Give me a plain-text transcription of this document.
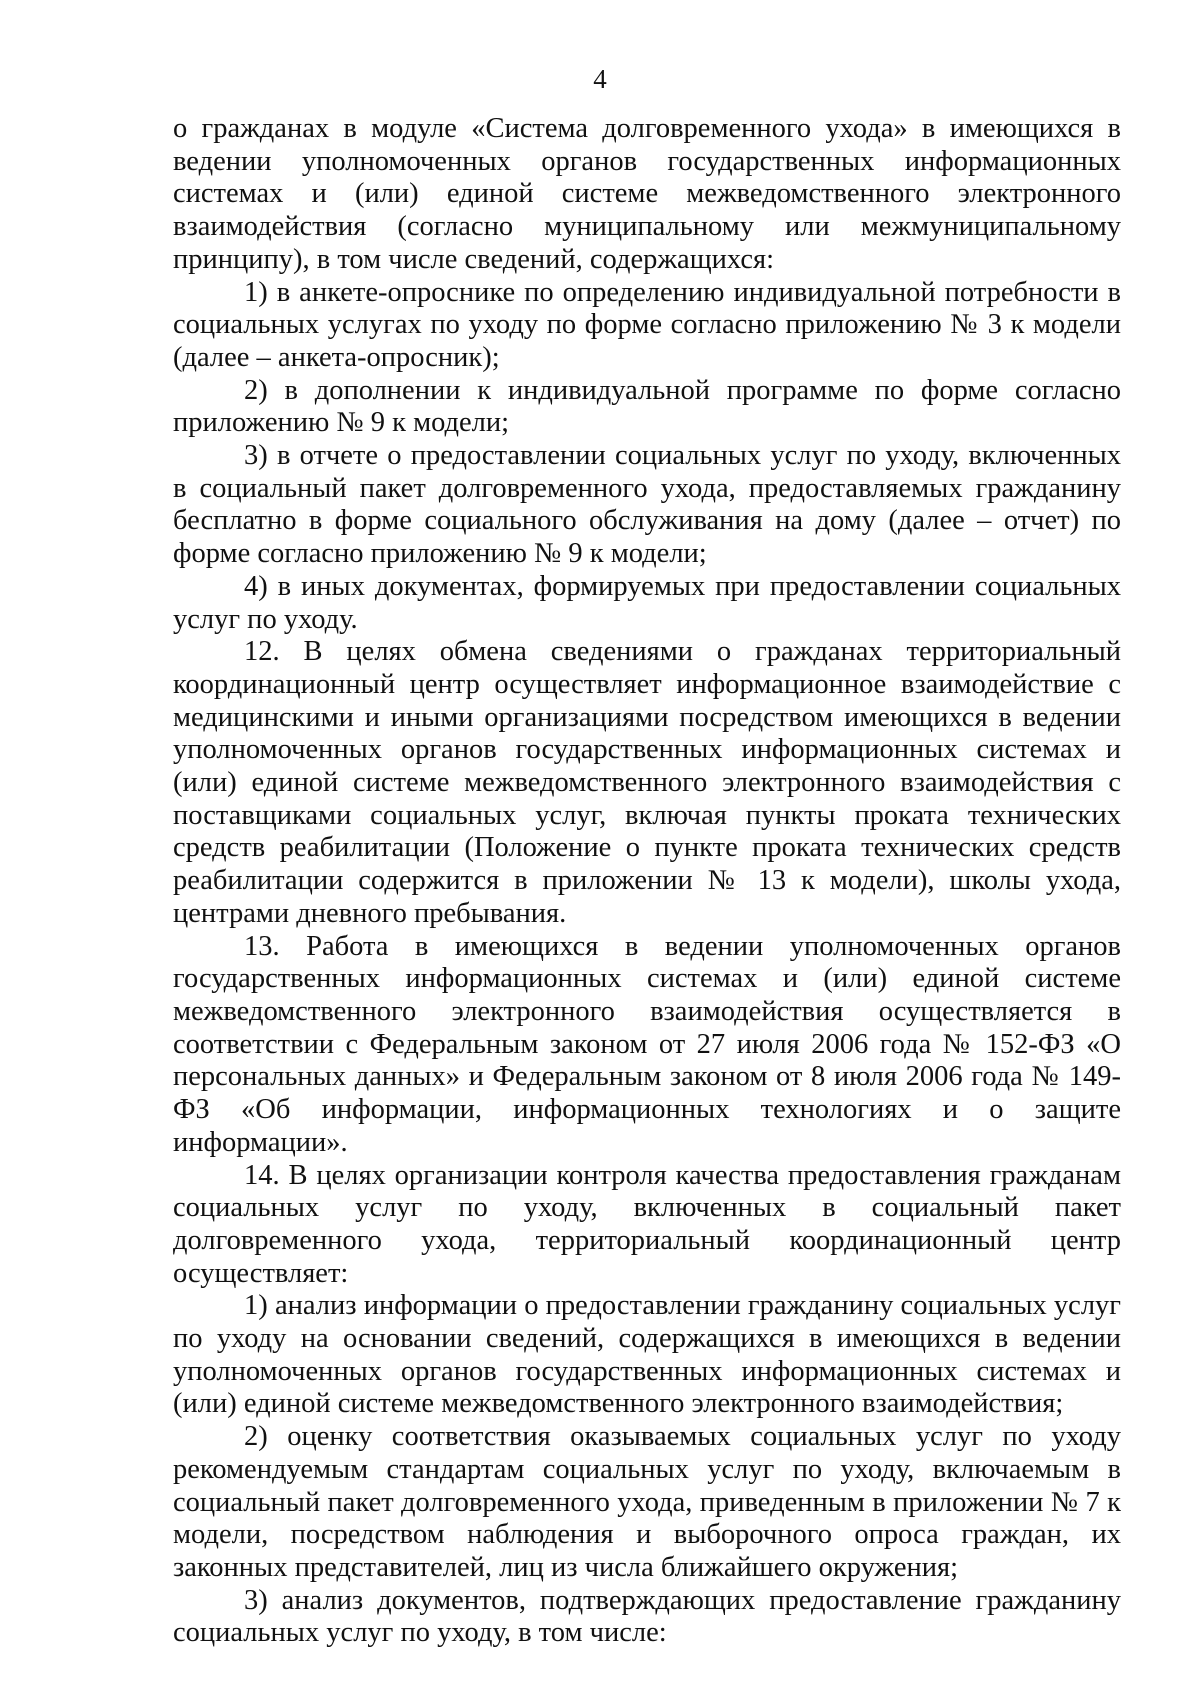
4

о гражданах в модуле «Система долговременного ухода» в имеющихся в ведении уполномоченных органов государственных информационных системах и (или) единой системе межведомственного электронного взаимодействия (согласно муниципальному или межмуниципальному принципу), в том числе сведений, содержащихся:

1) в анкете-опроснике по определению индивидуальной потребности в социальных услугах по уходу по форме согласно приложению № 3 к модели (далее – анкета-опросник);

2) в дополнении к индивидуальной программе по форме согласно приложению № 9 к модели;

3) в отчете о предоставлении социальных услуг по уходу, включенных в социальный пакет долговременного ухода, предоставляемых гражданину бесплатно в форме социального обслуживания на дому (далее – отчет) по форме согласно приложению № 9 к модели;

4) в иных документах, формируемых при предоставлении социальных услуг по уходу.

12. В целях обмена сведениями о гражданах территориальный координационный центр осуществляет информационное взаимодействие с медицинскими и иными организациями посредством имеющихся в ведении уполномоченных органов государственных информационных системах и (или) единой системе межведомственного электронного взаимодействия с поставщиками социальных услуг, включая пункты проката технических средств реабилитации (Положение о пункте проката технических средств реабилитации содержится в приложении № 13 к модели), школы ухода, центрами дневного пребывания.

13. Работа в имеющихся в ведении уполномоченных органов государственных информационных системах и (или) единой системе межведомственного электронного взаимодействия осуществляется в соответствии с Федеральным законом от 27 июля 2006 года № 152-ФЗ «О персональных данных» и Федеральным законом от 8 июля 2006 года № 149-ФЗ «Об информации, информационных технологиях и о защите информации».

14. В целях организации контроля качества предоставления гражданам социальных услуг по уходу, включенных в социальный пакет долговременного ухода, территориальный координационный центр осуществляет:

1) анализ информации о предоставлении гражданину социальных услуг по уходу на основании сведений, содержащихся в имеющихся в ведении уполномоченных органов государственных информационных системах и (или) единой системе межведомственного электронного взаимодействия;

2) оценку соответствия оказываемых социальных услуг по уходу рекомендуемым стандартам социальных услуг по уходу, включаемым в социальный пакет долговременного ухода, приведенным в приложении № 7 к модели, посредством наблюдения и выборочного опроса граждан, их законных представителей, лиц из числа ближайшего окружения;

3) анализ документов, подтверждающих предоставление гражданину социальных услуг по уходу, в том числе:
